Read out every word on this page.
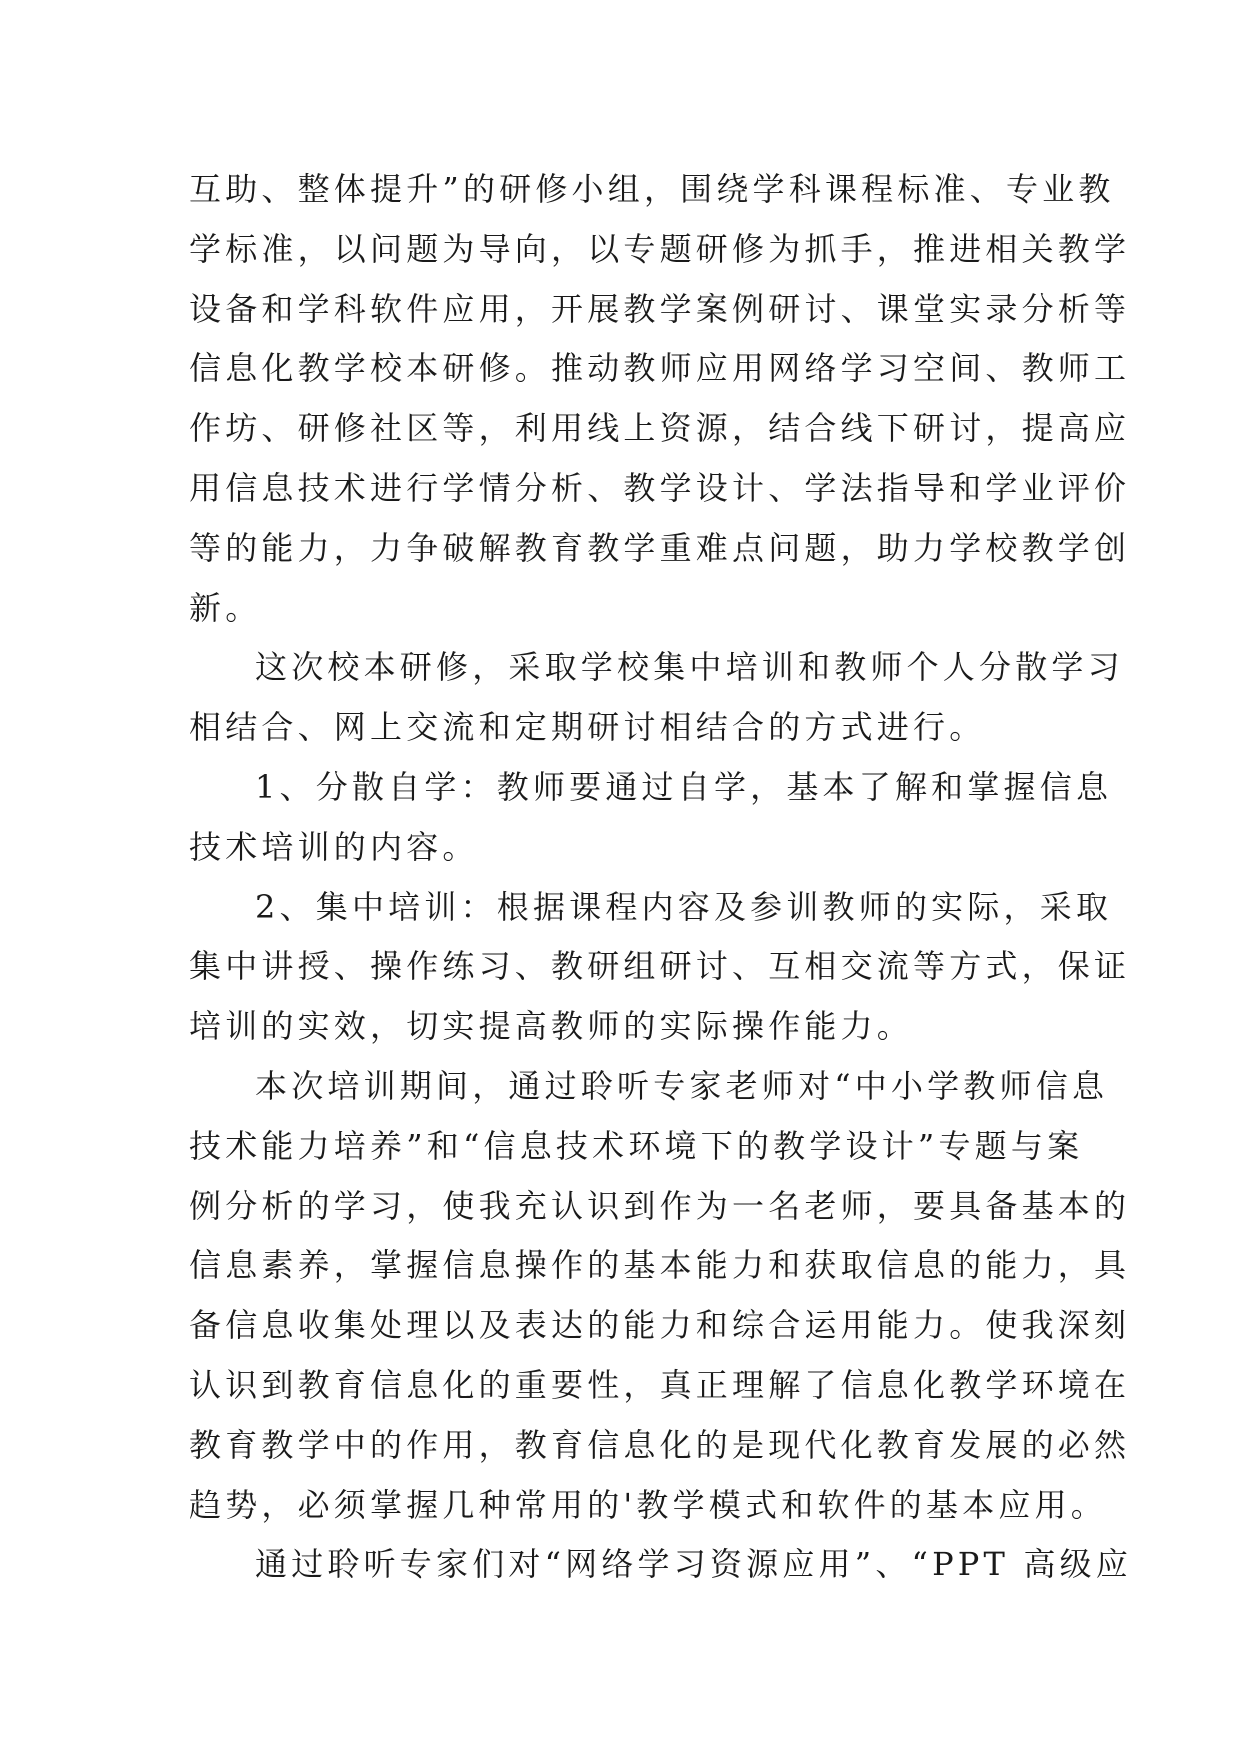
互助、整体提升”的研修小组，围绕学科课程标准、专业教
学标准，以问题为导向，以专题研修为抓手，推进相关教学
设备和学科软件应用，开展教学案例研讨、课堂实录分析等
信息化教学校本研修。推动教师应用网络学习空间、教师工
作坊、研修社区等，利用线上资源，结合线下研讨，提高应
用信息技术进行学情分析、教学设计、学法指导和学业评价
等的能力，力争破解教育教学重难点问题，助力学校教学创
新。
这次校本研修，采取学校集中培训和教师个人分散学习
相结合、网上交流和定期研讨相结合的方式进行。
1、分散自学：教师要通过自学，基本了解和掌握信息
技术培训的内容。
2、集中培训：根据课程内容及参训教师的实际，采取
集中讲授、操作练习、教研组研讨、互相交流等方式，保证
培训的实效，切实提高教师的实际操作能力。
本次培训期间，通过聆听专家老师对“中小学教师信息
技术能力培养”和“信息技术环境下的教学设计”专题与案
例分析的学习，使我充认识到作为一名老师，要具备基本的
信息素养，掌握信息操作的基本能力和获取信息的能力，具
备信息收集处理以及表达的能力和综合运用能力。使我深刻
认识到教育信息化的重要性，真正理解了信息化教学环境在
教育教学中的作用，教育信息化的是现代化教育发展的必然
趋势，必须掌握几种常用的'教学模式和软件的基本应用。
通过聆听专家们对“网络学习资源应用”、“PPT 高级应
